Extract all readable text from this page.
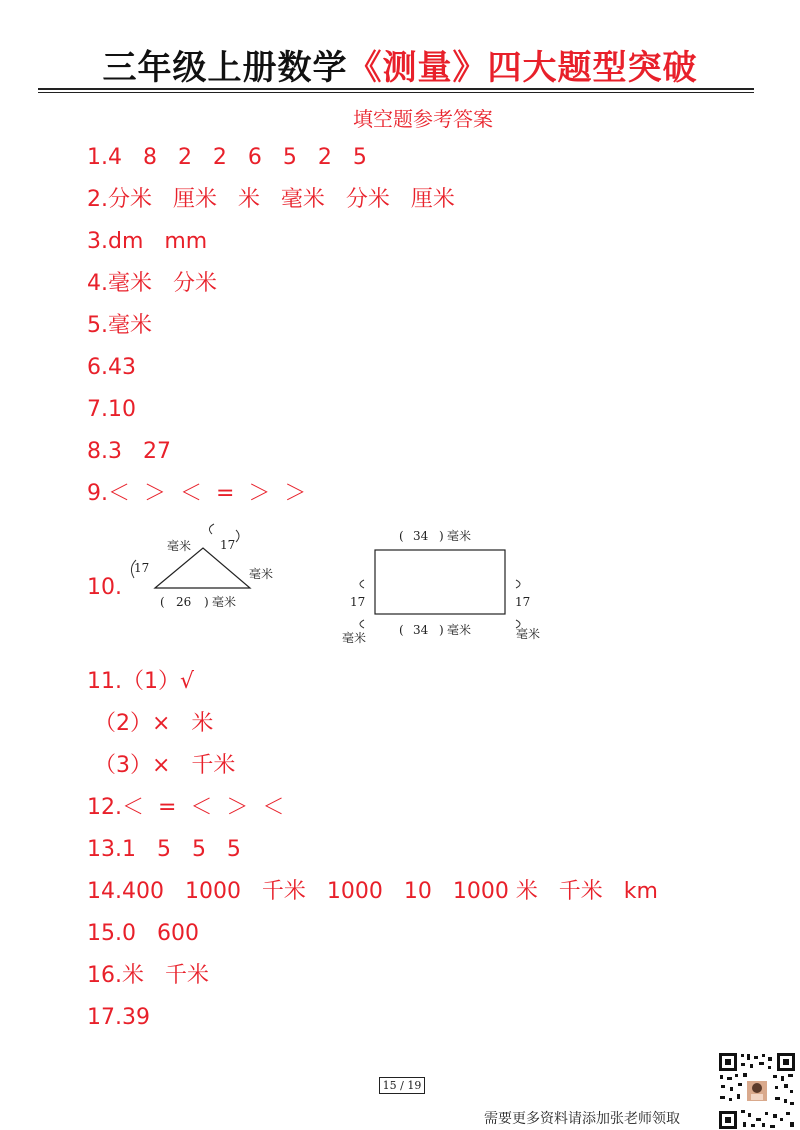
三年级上册数学《测量》四大题型突破
填空题参考答案
1.4   8   2   2   6   5   2   5
2.分米   厘米   米   毫米   分米   厘米
3.dm   mm
4.毫米   分米
5.毫米
6.43
7.10
8.3   27
9.＜  ＞  ＜  =  ＞  ＞
10.
17
毫米 17
毫米
( 26 ) 毫米
( 34 ) 毫米
( 34 ) 毫米
17
毫米
17
毫米
11.（1）√
（2）×   米
（3）×   千米
12.＜  =  ＜  ＞  ＜
13.1   5   5   5
14.400   1000   千米   1000   10   1000 米   千米   km
15.0   600
16.米   千米
17.39
15 / 19
需要更多资料请添加张老师领取
